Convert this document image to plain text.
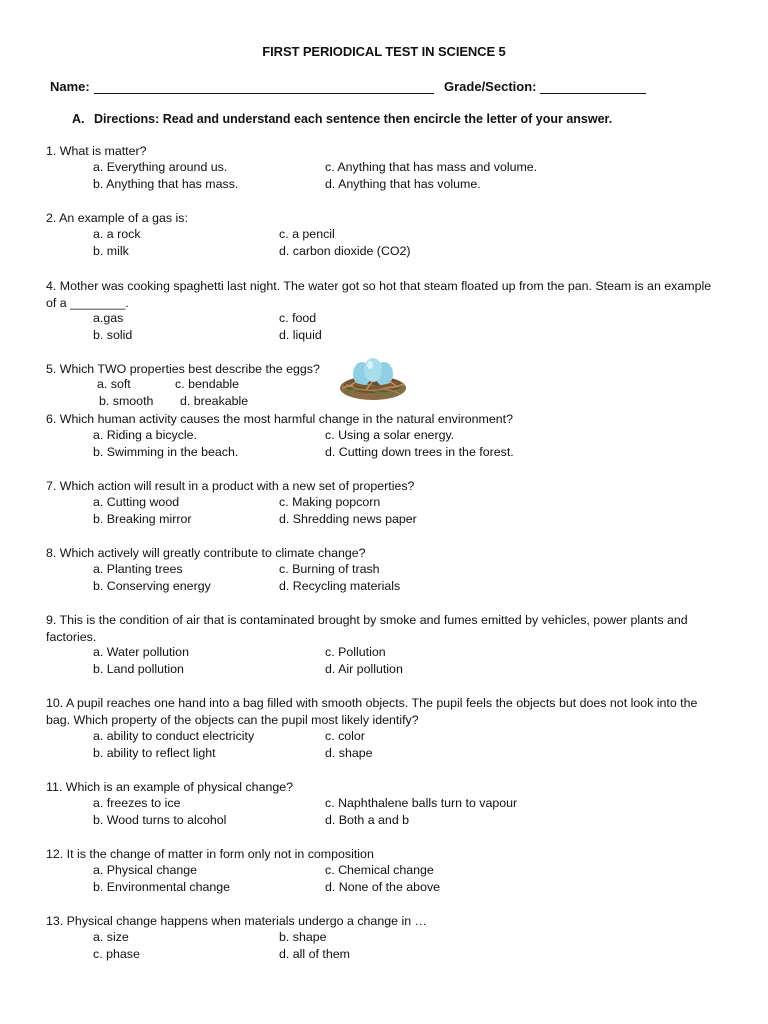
FIRST PERIODICAL TEST IN SCIENCE 5
Name:	Grade/Section:
A. Directions: Read and understand each sentence then encircle the letter of your answer.
1. What is matter?
a. Everything around us.
b. Anything that has mass.
c. Anything that has mass and volume.
d. Anything that has volume.
2. An example of a gas is:
a. a rock
b. milk
c. a pencil
d. carbon dioxide (CO2)
4. Mother was cooking spaghetti last night. The water got so hot that steam floated up from the pan. Steam is an example of a ________.
a.gas
b. solid
c. food
d. liquid
5. Which TWO properties best describe the eggs?
a. soft
b. smooth
c. bendable
d. breakable
6. Which human activity causes the most harmful change in the natural environment?
a. Riding a bicycle.
b. Swimming in the beach.
c. Using a solar energy.
d. Cutting down trees in the forest.
7. Which action will result in a product with a new set of properties?
a. Cutting wood
b. Breaking mirror
c. Making popcorn
d. Shredding news paper
8. Which actively will greatly contribute to climate change?
a. Planting trees
b. Conserving energy
c. Burning of trash
d. Recycling materials
9. This is the condition of air that is contaminated brought by smoke and fumes emitted by vehicles, power plants and factories.
a. Water pollution
b. Land pollution
c. Pollution
d. Air pollution
10. A pupil reaches one hand into a bag filled with smooth objects. The pupil feels the objects but does not look into the bag. Which property of the objects can the pupil most likely identify?
a. ability to conduct electricity
b. ability to reflect light
c. color
d. shape
11. Which is an example of physical change?
a. freezes to ice
b. Wood turns to alcohol
c. Naphthalene balls turn to vapour
d. Both a and b
12. It is the change of matter in form only not in composition
a. Physical change
b. Environmental change
c. Chemical change
d. None of the above
13. Physical change happens when materials undergo a change in …
a. size
c. phase
b. shape
d. all of them
